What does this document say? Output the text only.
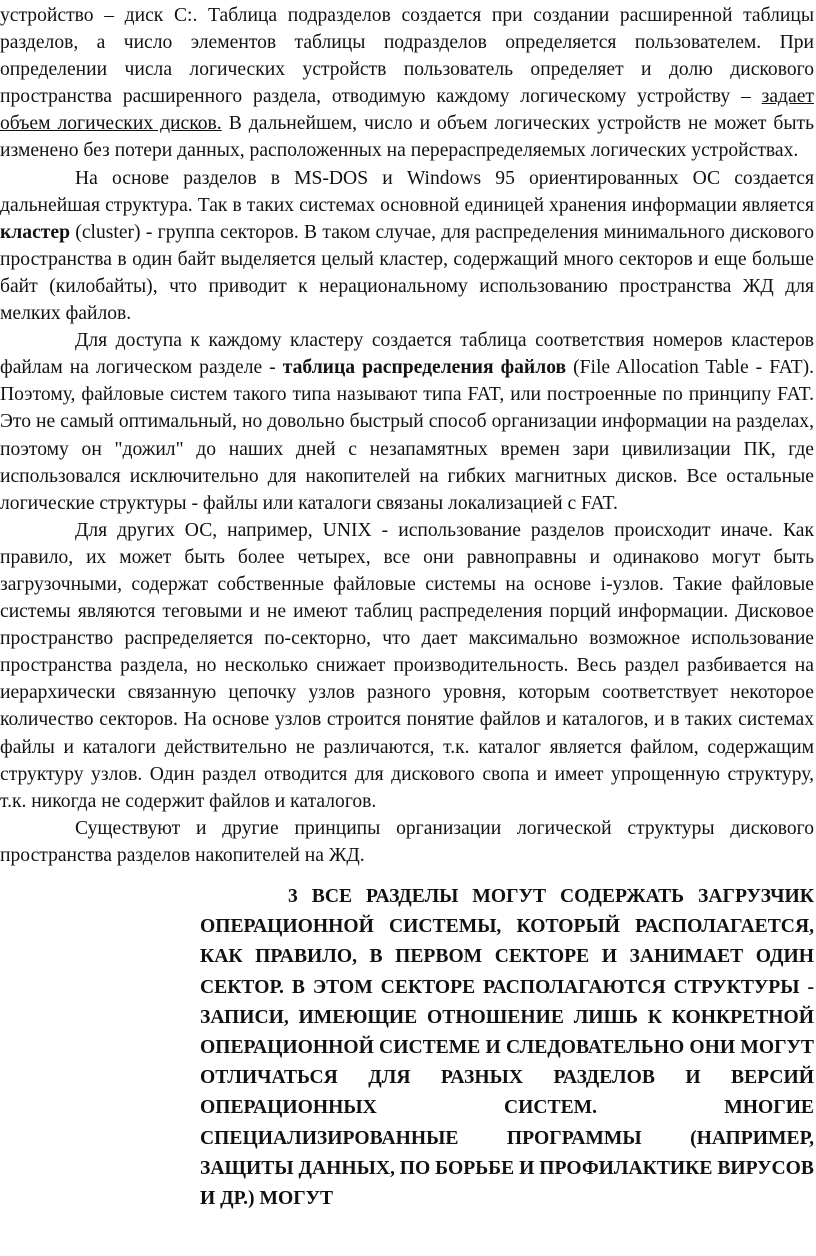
устройство – диск С:. Таблица подразделов создается при создании расширенной таблицы разделов, а число элементов таблицы подразделов определяется пользователем. При определении числа логических устройств пользователь определяет и долю дискового пространства расширенного раздела, отводимую каждому логическому устройству – задает объем логических дисков. В дальнейшем, число и объем логических устройств не может быть изменено без потери данных, расположенных на перераспределяемых логических устройствах.

На основе разделов в MS-DOS и Windows 95 ориентированных ОС создается дальнейшая структура. Так в таких системах основной единицей хранения информации является кластер (cluster) - группа секторов. В таком случае, для распределения минимального дискового пространства в один байт выделяется целый кластер, содержащий много секторов и еще больше байт (килобайты), что приводит к нерациональному использованию пространства ЖД для мелких файлов.

Для доступа к каждому кластеру создается таблица соответствия номеров кластеров файлам на логическом разделе - таблица распределения файлов (File Allocation Table - FAT). Поэтому, файловые систем такого типа называют типа FAT, или построенные по принципу FAT. Это не самый оптимальный, но довольно быстрый способ организации информации на разделах, поэтому он "дожил" до наших дней с незапамятных времен зари цивилизации ПК, где использовался исключительно для накопителей на гибких магнитных дисков. Все остальные логические структуры - файлы или каталоги связаны локализацией с FAT.

Для других ОС, например, UNIX - использование разделов происходит иначе. Как правило, их может быть более четырех, все они равноправны и одинаково могут быть загрузочными, содержат собственные файловые системы на основе i-узлов. Такие файловые системы являются теговыми и не имеют таблиц распределения порций информации. Дисковое пространство распределяется по-секторно, что дает максимально возможное использование пространства раздела, но несколько снижает производительность. Весь раздел разбивается на иерархически связанную цепочку узлов разного уровня, которым соответствует некоторое количество секторов. На основе узлов строится понятие файлов и каталогов, и в таких системах файлы и каталоги действительно не различаются, т.к. каталог является файлом, содержащим структуру узлов. Один раздел отводится для дискового свопа и имеет упрощенную структуру, т.к. никогда не содержит файлов и каталогов.

Существуют и другие принципы организации логической структуры дискового пространства разделов накопителей на ЖД.

3 ВСЕ РАЗДЕЛЫ МОГУТ СОДЕРЖАТЬ ЗАГРУЗЧИК ОПЕРАЦИОННОЙ СИСТЕМЫ, КОТОРЫЙ РАСПОЛАГАЕТСЯ, КАК ПРАВИЛО, В ПЕРВОМ СЕКТОРЕ И ЗАНИМАЕТ ОДИН СЕКТОР. В ЭТОМ СЕКТОРЕ РАСПОЛАГАЮТСЯ СТРУКТУРЫ - ЗАПИСИ, ИМЕЮЩИЕ ОТНОШЕНИЕ ЛИШЬ К КОНКРЕТНОЙ ОПЕРАЦИОННОЙ СИСТЕМЕ И СЛЕДОВАТЕЛЬНО ОНИ МОГУТ ОТЛИЧАТЬСЯ ДЛЯ РАЗНЫХ РАЗДЕЛОВ И ВЕРСИЙ ОПЕРАЦИОННЫХ СИСТЕМ. МНОГИЕ СПЕЦИАЛИЗИРОВАННЫЕ ПРОГРАММЫ (НАПРИМЕР, ЗАЩИТЫ ДАННЫХ, ПО БОРЬБЕ И ПРОФИЛАКТИКЕ ВИРУСОВ И ДР.) МОГУТ
